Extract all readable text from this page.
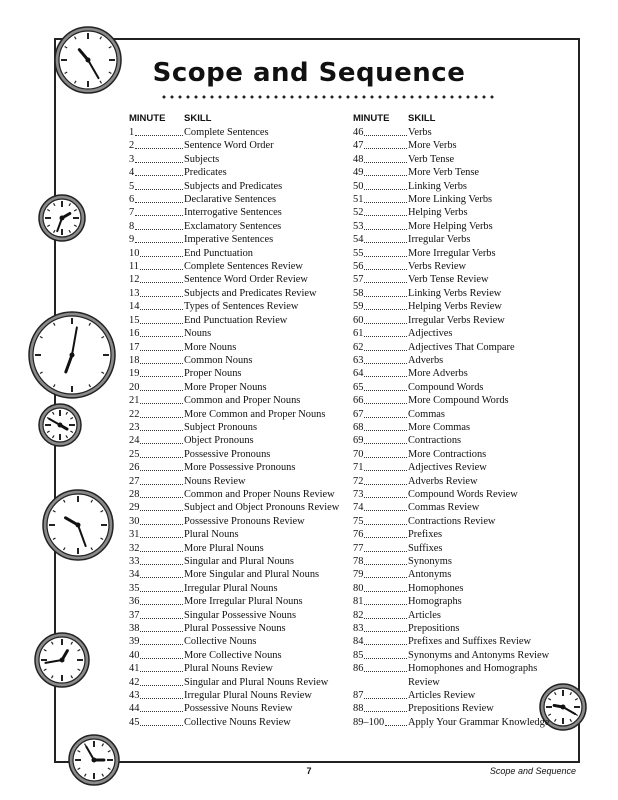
Scope and Sequence
MINUTE	SKILL
1	Complete Sentences
2	Sentence Word Order
3	Subjects
4	Predicates
5	Subjects and Predicates
6	Declarative Sentences
7	Interrogative Sentences
8	Exclamatory Sentences
9	Imperative Sentences
10	End Punctuation
11	Complete Sentences Review
12	Sentence Word Order Review
13	Subjects and Predicates Review
14	Types of Sentences Review
15	End Punctuation Review
16	Nouns
17	More Nouns
18	Common Nouns
19	Proper Nouns
20	More Proper Nouns
21	Common and Proper Nouns
22	More Common and Proper Nouns
23	Subject Pronouns
24	Object Pronouns
25	Possessive Pronouns
26	More Possessive Pronouns
27	Nouns Review
28	Common and Proper Nouns Review
29	Subject and Object Pronouns Review
30	Possessive Pronouns Review
31	Plural Nouns
32	More Plural Nouns
33	Singular and Plural Nouns
34	More Singular and Plural Nouns
35	Irregular Plural Nouns
36	More Irregular Plural Nouns
37	Singular Possessive Nouns
38	Plural Possessive Nouns
39	Collective Nouns
40	More Collective Nouns
41	Plural Nouns Review
42	Singular and Plural Nouns Review
43	Irregular Plural Nouns Review
44	Possessive Nouns Review
45	Collective Nouns Review
MINUTE	SKILL
46	Verbs
47	More Verbs
48	Verb Tense
49	More Verb Tense
50	Linking Verbs
51	More Linking Verbs
52	Helping Verbs
53	More Helping Verbs
54	Irregular Verbs
55	More Irregular Verbs
56	Verbs Review
57	Verb Tense Review
58	Linking Verbs Review
59	Helping Verbs Review
60	Irregular Verbs Review
61	Adjectives
62	Adjectives That Compare
63	Adverbs
64	More Adverbs
65	Compound Words
66	More Compound Words
67	Commas
68	More Commas
69	Contractions
70	More Contractions
71	Adjectives Review
72	Adverbs Review
73	Compound Words Review
74	Commas Review
75	Contractions Review
76	Prefixes
77	Suffixes
78	Synonyms
79	Antonyms
80	Homophones
81	Homographs
82	Articles
83	Prepositions
84	Prefixes and Suffixes Review
85	Synonyms and Antonyms Review
86	Homophones and Homographs Review
87	Articles Review
88	Prepositions Review
89–100 Apply Your Grammar Knowledge
7	Scope and Sequence
